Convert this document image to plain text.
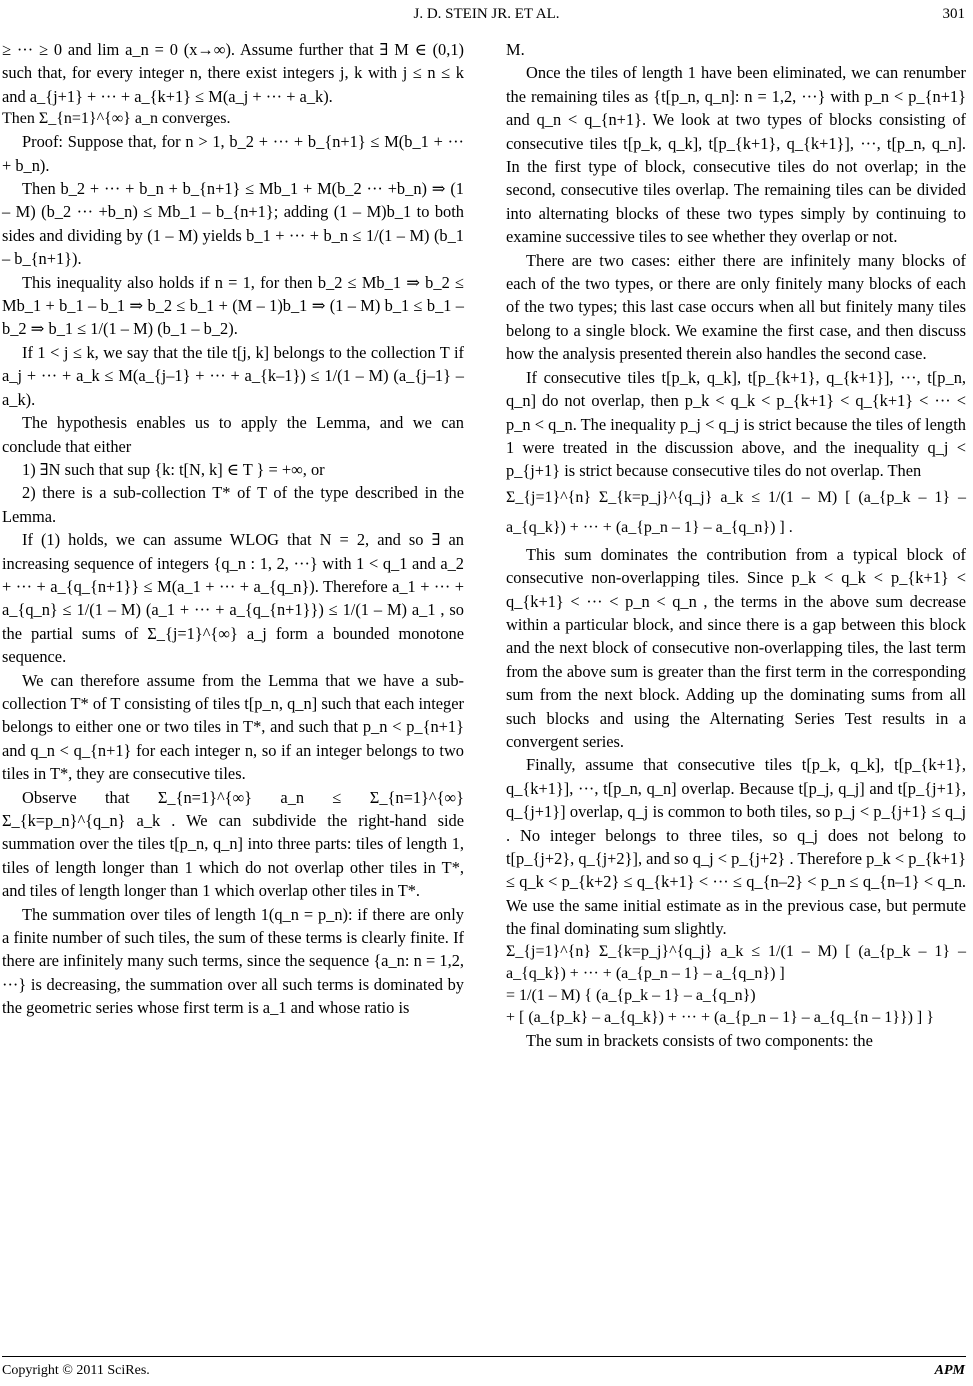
J. D. STEIN JR. ET AL.	301

≥ ··· ≥ 0 and lim a_n = 0 (x→∞). Assume further that ∃ M ∈ (0,1) such that, for every integer n, there exist integers j, k with j ≤ n ≤ k and a_{j+1} + ··· + a_{k+1} ≤ M(a_j + ··· + a_k).

Then Σ_{n=1}^{∞} a_n converges.

Proof: Suppose that, for n > 1, b_2 + ··· + b_{n+1} ≤ M(b_1 + ··· + b_n).

Then b_2 + ··· + b_n + b_{n+1} ≤ Mb_1 + M(b_2 ··· +b_n) ⇒ (1 – M) (b_2 ··· +b_n) ≤ Mb_1 – b_{n+1}; adding (1 – M)b_1 to both sides and dividing by (1 – M) yields b_1 + ··· + b_n ≤ 1/(1 – M) (b_1 – b_{n+1}).

This inequality also holds if n = 1, for then b_2 ≤ Mb_1 ⇒ b_2 ≤ Mb_1 + b_1 – b_1 ⇒ b_2 ≤ b_1 + (M – 1)b_1 ⇒ (1 – M) b_1 ≤ b_1 – b_2 ⇒ b_1 ≤ 1/(1 – M) (b_1 – b_2).

If 1 < j ≤ k, we say that the tile t[j, k] belongs to the collection T if a_j + ··· + a_k ≤ M(a_{j–1} + ··· + a_{k–1}) ≤ 1/(1 – M) (a_{j–1} – a_k).

The hypothesis enables us to apply the Lemma, and we can conclude that either

1) ∃N such that sup {k: t[N, k] ∈ T } = +∞, or

2) there is a sub-collection T* of T of the type described in the Lemma.

If (1) holds, we can assume WLOG that N = 2, and so ∃ an increasing sequence of integers {q_n : 1, 2, ···} with 1 < q_1 and a_2 + ··· + a_{q_{n+1}} ≤ M(a_1 + ··· + a_{q_n}). Therefore a_1 + ··· + a_{q_n} ≤ 1/(1 – M) (a_1 + ··· + a_{q_{n+1}}) ≤ 1/(1 – M) a_1 , so the partial sums of Σ_{j=1}^{∞} a_j form a bounded monotone sequence.

We can therefore assume from the Lemma that we have a sub-collection T* of T consisting of tiles t[p_n, q_n] such that each integer belongs to either one or two tiles in T*, and such that p_n < p_{n+1} and q_n < q_{n+1} for each integer n, so if an integer belongs to two tiles in T*, they are consecutive tiles.

Observe that Σ_{n=1}^{∞} a_n ≤ Σ_{n=1}^{∞} Σ_{k=p_n}^{q_n} a_k . We can subdivide the right-hand side summation over the tiles t[p_n, q_n] into three parts: tiles of length 1, tiles of length longer than 1 which do not overlap other tiles in T*, and tiles of length longer than 1 which overlap other tiles in T*.

The summation over tiles of length 1(q_n = p_n): if there are only a finite number of such tiles, the sum of these terms is clearly finite. If there are infinitely many such terms, since the sequence {a_n: n = 1,2, ···} is decreasing, the summation over all such terms is dominated by the geometric series whose first term is a_1 and whose ratio is

M.

Once the tiles of length 1 have been eliminated, we can renumber the remaining tiles as {t[p_n, q_n]: n = 1,2, ···} with p_n < p_{n+1} and q_n < q_{n+1}. We look at two types of blocks consisting of consecutive tiles t[p_k, q_k], t[p_{k+1}, q_{k+1}], ···, t[p_n, q_n]. In the first type of block, consecutive tiles do not overlap; in the second, consecutive tiles overlap. The remaining tiles can be divided into alternating blocks of these two types simply by continuing to examine successive tiles to see whether they overlap or not.

There are two cases: either there are infinitely many blocks of each of the two types, or there are only finitely many blocks of each of the two types; this last case occurs when all but finitely many tiles belong to a single block. We examine the first case, and then discuss how the analysis presented therein also handles the second case.

If consecutive tiles t[p_k, q_k], t[p_{k+1}, q_{k+1}], ···, t[p_n, q_n] do not overlap, then p_k < q_k < p_{k+1} < q_{k+1} < ··· < p_n < q_n. The inequality p_j < q_j is strict because the tiles of length 1 were treated in the discussion above, and the inequality q_j < p_{j+1} is strict because consecutive tiles do not overlap. Then

Σ_{j=1}^{n} Σ_{k=p_j}^{q_j} a_k ≤ 1/(1 – M) [ (a_{p_k – 1} – a_{q_k}) + ··· + (a_{p_n – 1} – a_{q_n}) ] .

This sum dominates the contribution from a typical block of consecutive non-overlapping tiles. Since p_k < q_k < p_{k+1} < q_{k+1} < ··· < p_n < q_n , the terms in the above sum decrease within a particular block, and since there is a gap between this block and the next block of consecutive non-overlapping tiles, the last term from the above sum is greater than the first term in the corresponding sum from the next block. Adding up the dominating sums from all such blocks and using the Alternating Series Test results in a convergent series.

Finally, assume that consecutive tiles t[p_k, q_k], t[p_{k+1}, q_{k+1}], ···, t[p_n, q_n] overlap. Because t[p_j, q_j] and t[p_{j+1}, q_{j+1}] overlap, q_j is common to both tiles, so p_j < p_{j+1} ≤ q_j . No integer belongs to three tiles, so q_j does not belong to t[p_{j+2}, q_{j+2}], and so q_j < p_{j+2} . Therefore p_k < p_{k+1} ≤ q_k < p_{k+2} ≤ q_{k+1} < ··· ≤ q_{n–2} < p_n ≤ q_{n–1} < q_n. We use the same initial estimate as in the previous case, but permute the final dominating sum slightly.

Σ_{j=1}^{n} Σ_{k=p_j}^{q_j} a_k ≤ 1/(1 – M) [ (a_{p_k – 1} – a_{q_k}) + ··· + (a_{p_n – 1} – a_{q_n}) ]

= 1/(1 – M) { (a_{p_k – 1} – a_{q_n})

+ [ (a_{p_k} – a_{q_k}) + ··· + (a_{p_n – 1} – a_{q_{n – 1}}) ] }

The sum in brackets consists of two components: the

Copyright © 2011 SciRes.	APM
